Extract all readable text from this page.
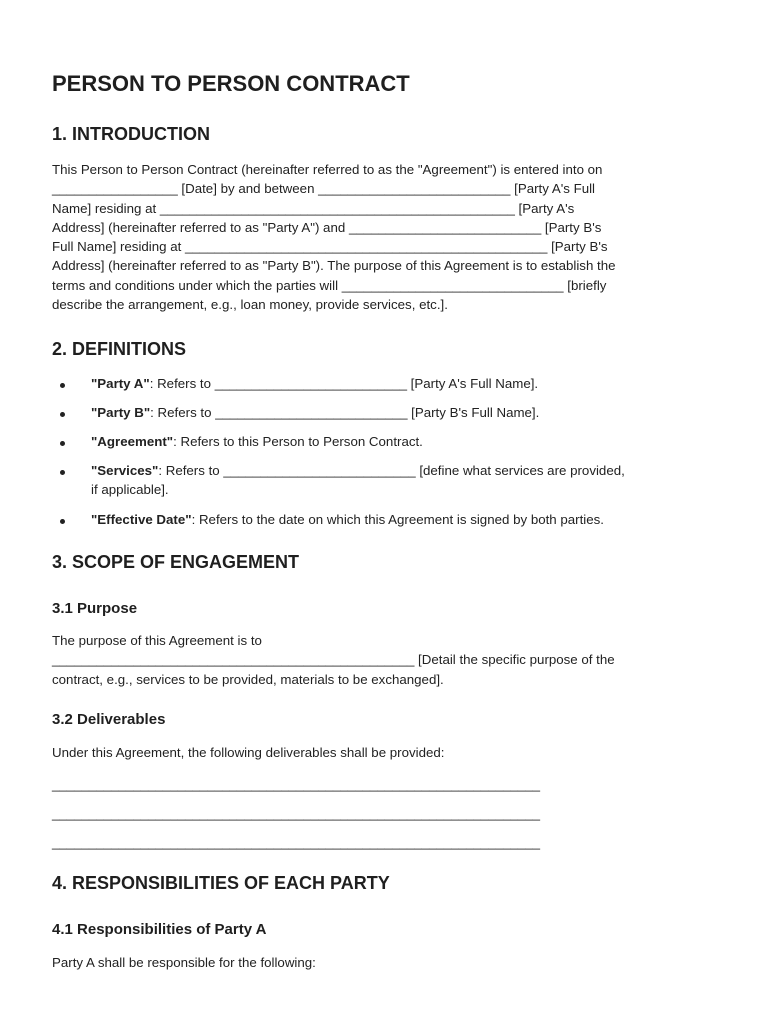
PERSON TO PERSON CONTRACT
1. INTRODUCTION
This Person to Person Contract (hereinafter referred to as the "Agreement") is entered into on
_________________ [Date] by and between __________________________ [Party A's Full
Name] residing at ________________________________________________ [Party A's
Address] (hereinafter referred to as "Party A") and __________________________ [Party B's
Full Name] residing at _________________________________________________ [Party B's
Address] (hereinafter referred to as "Party B"). The purpose of this Agreement is to establish the
terms and conditions under which the parties will ______________________________ [briefly
describe the arrangement, e.g., loan money, provide services, etc.].
2. DEFINITIONS
"Party A": Refers to __________________________ [Party A's Full Name].
"Party B": Refers to __________________________ [Party B's Full Name].
"Agreement": Refers to this Person to Person Contract.
"Services": Refers to __________________________ [define what services are provided,
if applicable].
"Effective Date": Refers to the date on which this Agreement is signed by both parties.
3. SCOPE OF ENGAGEMENT
3.1 Purpose
The purpose of this Agreement is to
_________________________________________________ [Detail the specific purpose of the
contract, e.g., services to be provided, materials to be exchanged].
3.2 Deliverables
Under this Agreement, the following deliverables shall be provided:
__________________________________________________________________
__________________________________________________________________
__________________________________________________________________
4. RESPONSIBILITIES OF EACH PARTY
4.1 Responsibilities of Party A
Party A shall be responsible for the following:
